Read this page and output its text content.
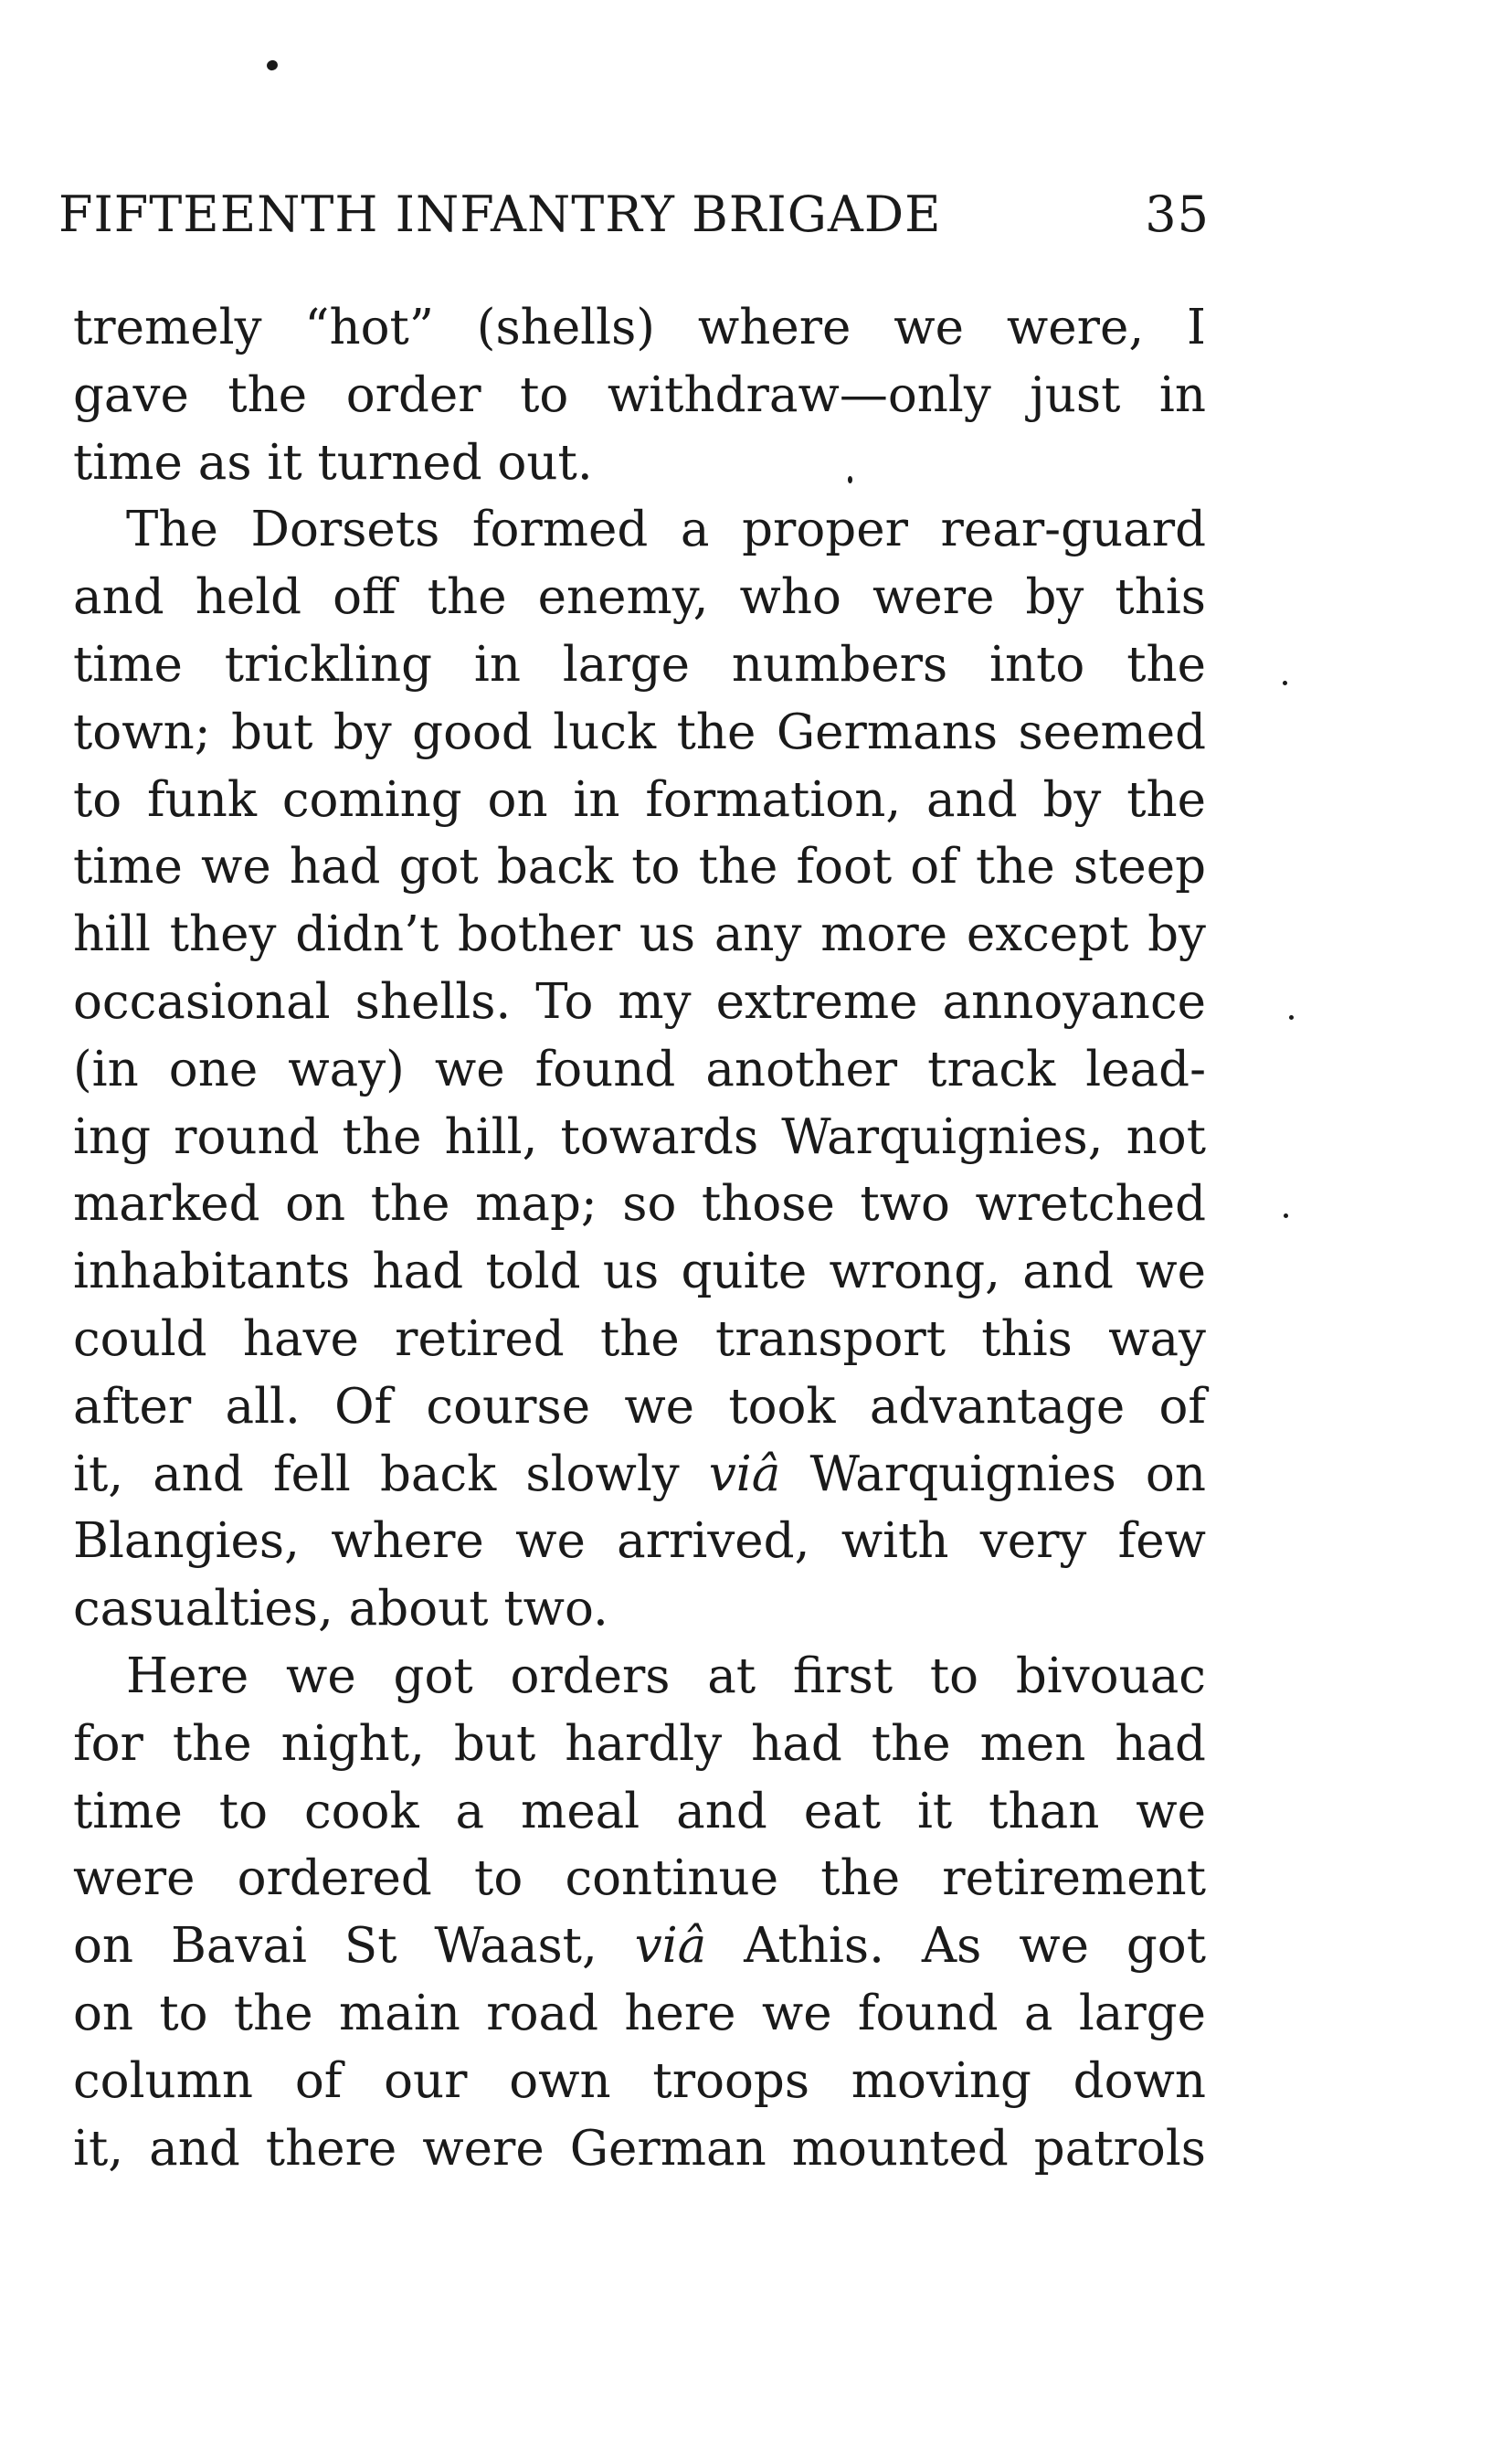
FIFTEENTH INFANTRY BRIGADE	35
tremely “hot” (shells) where we were, I
gave the order to withdraw—only just in
time as it turned out.
The Dorsets formed a proper rear-guard
and held off the enemy, who were by this
time trickling in large numbers into the
town; but by good luck the Germans seemed
to funk coming on in formation, and by the
time we had got back to the foot of the steep
hill they didn’t bother us any more except by
occasional shells. To my extreme annoyance
(in one way) we found another track lead-
ing round the hill, towards Warquignies, not
marked on the map; so those two wretched
inhabitants had told us quite wrong, and we
could have retired the transport this way
after all. Of course we took advantage of
it, and fell back slowly viâ Warquignies on
Blangies, where we arrived, with very few
casualties, about two.
Here we got orders at first to bivouac
for the night, but hardly had the men had
time to cook a meal and eat it than we
were ordered to continue the retirement
on Bavai St Waast, viâ Athis. As we got
on to the main road here we found a large
column of our own troops moving down
it, and there were German mounted patrols
